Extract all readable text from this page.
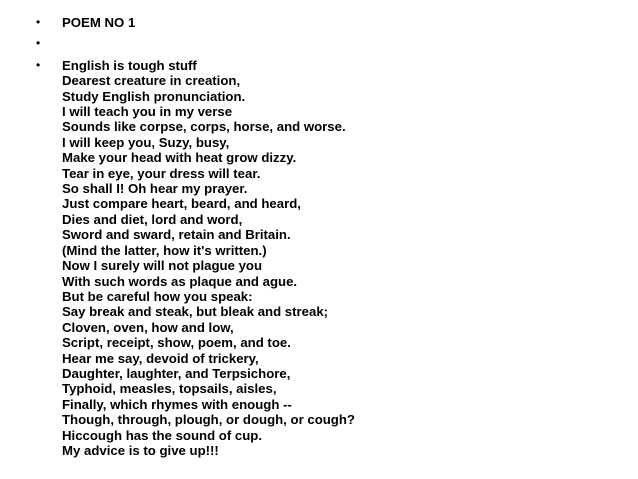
•	POEM NO 1
•
•	English is tough stuff
Dearest creature in creation,
Study English pronunciation.
I will teach you in my verse
Sounds like corpse, corps, horse, and worse.
I will keep you, Suzy, busy,
Make your head with heat grow dizzy.
Tear in eye, your dress will tear.
So shall I! Oh hear my prayer.
Just compare heart, beard, and heard,
Dies and diet, lord and word,
Sword and sward, retain and Britain.
(Mind the latter, how it's written.)
Now I surely will not plague you
With such words as plaque and ague.
But be careful how you speak:
Say break and steak, but bleak and streak;
Cloven, oven, how and low,
Script, receipt, show, poem, and toe.
Hear me say, devoid of trickery,
Daughter, laughter, and Terpsichore,
Typhoid, measles, topsails, aisles,
Finally, which rhymes with enough --
Though, through, plough, or dough, or cough?
Hiccough has the sound of cup.
My advice is to give up!!!
